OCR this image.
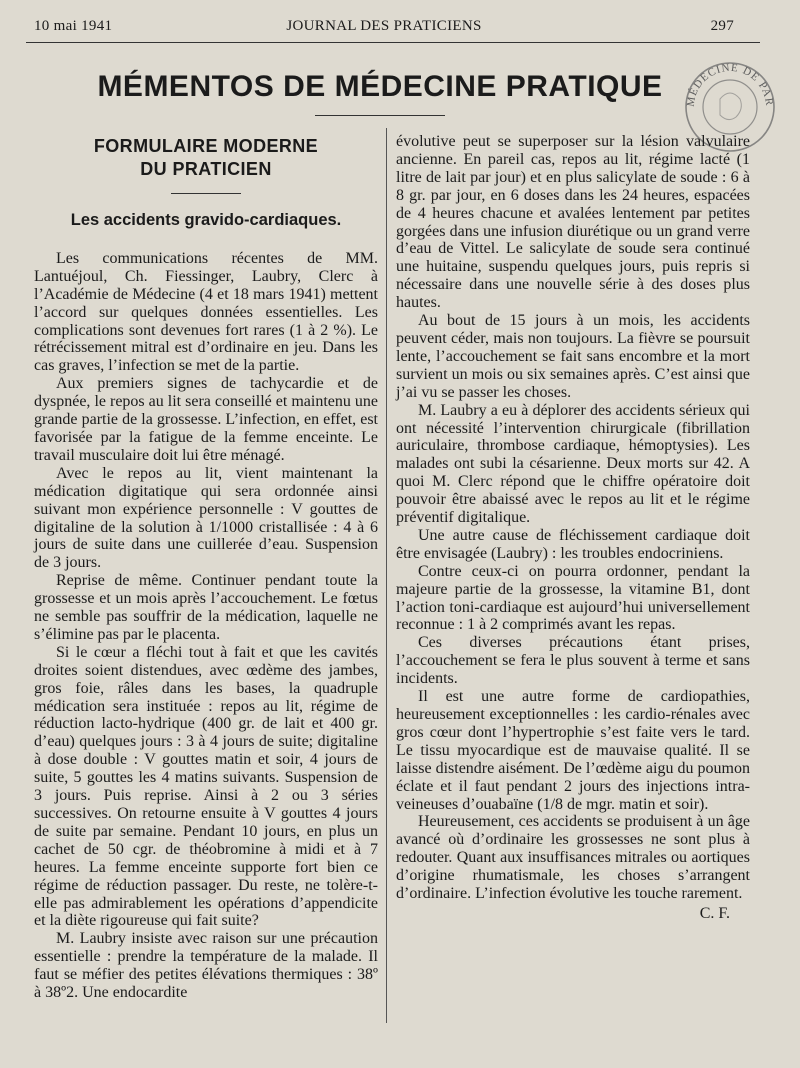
JOURNAL DES PRATICIENS
10 mai 1941	297
MÉMENTOS DE MÉDECINE PRATIQUE	MÉDECINE DE PAR
FORMULAIRE MODERNE
DU PRATICIEN
Les accidents gravido-cardiaques.

Les communications récentes de MM. Lantuéjoul, Ch. Fiessinger, Laubry, Clerc à l’Académie de Médecine (4 et 18 mars 1941) mettent l’accord sur quelques données essentielles. Les complications sont devenues fort rares (1 à 2 %). Le rétrécissement mitral est d’ordinaire en jeu. Dans les cas graves, l’infection se met de la partie.

Aux premiers signes de tachycardie et de dyspnée, le repos au lit sera conseillé et maintenu une grande partie de la grossesse. L’infection, en effet, est favorisée par la fatigue de la femme enceinte. Le travail musculaire doit lui être ménagé.

Avec le repos au lit, vient maintenant la médication digitatique qui sera ordonnée ainsi suivant mon expérience personnelle : V gouttes de digitaline de la solution à 1/1000 cristallisée : 4 à 6 jours de suite dans une cuillerée d’eau. Suspension de 3 jours.

Reprise de même. Continuer pendant toute la grossesse et un mois après l’accouchement. Le fœtus ne semble pas souffrir de la médication, laquelle ne s’élimine pas par le placenta.

Si le cœur a fléchi tout à fait et que les cavités droites soient distendues, avec œdème des jambes, gros foie, râles dans les bases, la quadruple médication sera instituée : repos au lit, régime de réduction lacto-hydrique (400 gr. de lait et 400 gr. d’eau) quelques jours : 3 à 4 jours de suite; digitaline à dose double : V gouttes matin et soir, 4 jours de suite, 5 gouttes les 4 matins suivants. Suspension de 3 jours. Puis reprise. Ainsi à 2 ou 3 séries successives. On retourne ensuite à V gouttes 4 jours de suite par semaine. Pendant 10 jours, en plus un cachet de 50 cgr. de théobromine à midi et à 7 heures. La femme enceinte supporte fort bien ce régime de réduction passager. Du reste, ne tolère-t-elle pas admirablement les opérations d’appendicite et la diète rigoureuse qui fait suite?

M. Laubry insiste avec raison sur une précaution essentielle : prendre la température de la malade. Il faut se méfier des petites élévations thermiques : 38º à 38º2. Une endocardite

évolutive peut se superposer sur la lésion valvulaire ancienne. En pareil cas, repos au lit, régime lacté (1 litre de lait par jour) et en plus salicylate de soude : 6 à 8 gr. par jour, en 6 doses dans les 24 heures, espacées de 4 heures chacune et avalées lentement par petites gorgées dans une infusion diurétique ou un grand verre d’eau de Vittel. Le salicylate de soude sera continué une huitaine, suspendu quelques jours, puis repris si nécessaire dans une nouvelle série à des doses plus hautes.

Au bout de 15 jours à un mois, les accidents peuvent céder, mais non toujours. La fièvre se poursuit lente, l’accouchement se fait sans encombre et la mort survient un mois ou six semaines après. C’est ainsi que j’ai vu se passer les choses.

M. Laubry a eu à déplorer des accidents sérieux qui ont nécessité l’intervention chirurgicale (fibrillation auriculaire, thrombose cardiaque, hémoptysies). Les malades ont subi la césarienne. Deux morts sur 42. A quoi M. Clerc répond que le chiffre opératoire doit pouvoir être abaissé avec le repos au lit et le régime préventif digitalique.

Une autre cause de fléchissement cardiaque doit être envisagée (Laubry) : les troubles endocriniens.

Contre ceux-ci on pourra ordonner, pendant la majeure partie de la grossesse, la vitamine B1, dont l’action toni-cardiaque est aujourd’hui universellement reconnue : 1 à 2 comprimés avant les repas.

Ces diverses précautions étant prises, l’accouchement se fera le plus souvent à terme et sans incidents.

Il est une autre forme de cardiopathies, heureusement exceptionnelles : les cardio-rénales avec gros cœur dont l’hypertrophie s’est faite vers le tard. Le tissu myocardique est de mauvaise qualité. Il se laisse distendre aisément. De l’œdème aigu du poumon éclate et il faut pendant 2 jours des injections intra-veineuses d’ouabaïne (1/8 de mgr. matin et soir).

Heureusement, ces accidents se produisent à un âge avancé où d’ordinaire les grossesses ne sont plus à redouter. Quant aux insuffisances mitrales ou aortiques d’origine rhumatismale, les choses s’arrangent d’ordinaire. L’infection évolutive les touche rarement.

C. F.
